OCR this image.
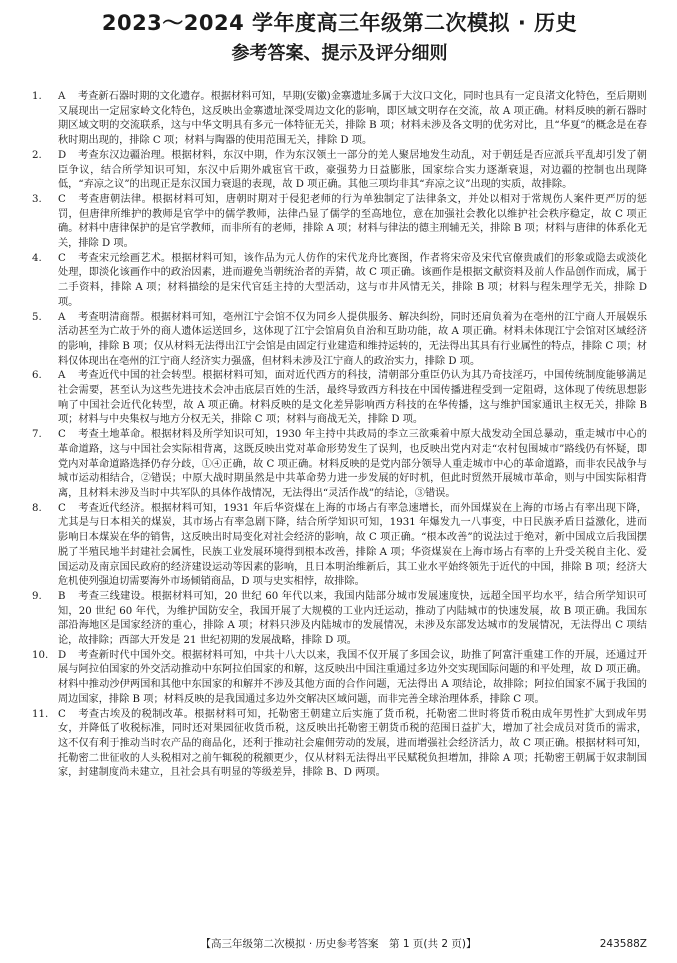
2023～2024 学年度高三年级第二次模拟 · 历史
参考答案、提示及评分细则
1.	A 考查新石器时期的文化遗存。根据材料可知，早期(安徽)金寨遗址多属于大汶口文化，同时也具有一定良渚文化特色，至后期则又展现出一定屈家岭文化特色，这反映出金寨遗址深受周边文化的影响，即区域文明存在交流，故 A 项正确。材料反映的新石器时期区域文明的交流联系，这与中华文明具有多元一体特征无关，排除 B 项；材料未涉及各文明的优劣对比，且“华夏”的概念是在春秋时期出现的，排除 C 项；材料与陶器的使用范围无关，排除 D 项。
2.	D 考查东汉边疆治理。根据材料，东汉中期，作为东汉领土一部分的羌人聚居地发生动乱，对于朝廷是否应派兵平乱却引发了朝臣争议，结合所学知识可知，东汉中后期外戚宦官干政，豪强势力日益膨胀，国家综合实力逐渐衰退，对边疆的控制也出现降低，“弃凉之议”的出现正是东汉国力衰退的表现，故 D 项正确。其他三项均非其“弃凉之议”出现的实质，故排除。
3.	C 考查唐朝法律。根据材料可知，唐朝时期对于侵犯老师的行为单独制定了法律条文，并处以相对于常规伤人案件更严厉的惩罚，但唐律所维护的教师是官学中的儒学教师，法律凸显了儒学的至高地位，意在加强社会教化以维护社会秩序稳定，故 C 项正确。材料中唐律保护的是官学教师，而非所有的老师，排除 A 项；材料与律法的德主刑辅无关，排除 B 项；材料与唐律的体系化无关，排除 D 项。
4.	C 考查宋元绘画艺术。根据材料可知，该作品为元人仿作的宋代龙舟比赛图，作者将宋帝及宋代官僚贵戚们的形象或隐去或淡化处理，即淡化该画作中的政治因素，进而避免当朝统治者的弄猜，故 C 项正确。该画作是根据文献资料及前人作品创作而成，属于二手资料，排除 A 项；材料描绘的是宋代官廷主持的大型活动，这与市井风情无关，排除 B 项；材料与程朱理学无关，排除 D 项。
5.	A 考查明清商帮。根据材料可知，亳州江宁会馆不仅为同乡人提供服务、解决纠纷，同时还肩负着为在亳州的江宁商人开展娱乐活动甚至为亡故于外的商人遗体运送回乡，这体现了江宁会馆肩负自治和互助功能，故 A 项正确。材料未体现江宁会馆对区域经济的影响，排除 B 项；仅从材料无法得出江宁会馆是由固定行业建造和维持运转的，无法得出其具有行业属性的特点，排除 C 项；材料仅体现出在亳州的江宁商人经济实力强盛，但材料未涉及江宁商人的政治实力，排除 D 项。
6.	A 考查近代中国的社会转型。根据材料可知，面对近代西方的科技，清朝部分重臣仍认为其乃奇技淫巧，中国传统制度能够满足社会需要，甚至认为这些先进技术会冲击底层百姓的生活，最终导致西方科技在中国传播进程受到一定阻碍，这体现了传统思想影响了中国社会近代化转型，故 A 项正确。材料反映的是文化差异影响西方科技的在华传播，这与维护国家通讯主权无关，排除 B 项；材料与中央集权与地方分权无关，排除 C 项；材料与商战无关，排除 D 项。
7.	C 考查土地革命。根据材料及所学知识可知，1930 年主持中共政局的李立三欲乘着中原大战发动全国总暴动，重走城市中心的革命道路，这与中国社会实际相背离，这既反映出党对革命形势发生了误判，也反映出党内对走“农村包围城市”路线仍有怀疑，即党内对革命道路选择仍存分歧，①④正确，故 C 项正确。材料反映的是党内部分领导人重走城市中心的革命道路，而非农民战争与城市运动相结合，②错误；中原大战时期虽然是中共革命势力进一步发展的好时机，但此时贸然开展城市革命，则与中国实际相背离，且材料未涉及当时中共军队的具体作战情况，无法得出“灵活作战”的结论，③错误。
8.	C 考查近代经济。根据材料可知，1931 年后华资煤在上海的市场占有率急速增长，而外国煤炭在上海的市场占有率出现下降，尤其是与日本相关的煤炭，其市场占有率急剧下降，结合所学知识可知，1931 年爆发九一八事变，中日民族矛盾日益激化，进而影响日本煤炭在华的销售，这反映出时局变化对社会经济的影响，故 C 项正确。“根本改善”的说法过于绝对，新中国成立后我国摆脱了半殖民地半封建社会属性，民族工业发展环境得到根本改善，排除 A 项；华资煤炭在上海市场占有率的上升受关税自主化、爱国运动及南京国民政府的经济建设运动等因素的影响，且日本明治维新后，其工业水平始终领先于近代的中国，排除 B 项；经济大危机使列强迫切需要海外市场倾销商品，D 项与史实相悖，故排除。
9.	B 考查三线建设。根据材料可知，20 世纪 60 年代以来，我国内陆部分城市发展速度快，远超全国平均水平，结合所学知识可知，20 世纪 60 年代，为维护国防安全，我国开展了大规模的工业内迁运动，推动了内陆城市的快速发展，故 B 项正确。我国东部沿海地区是国家经济的重心，排除 A 项；材料只涉及内陆城市的发展情况，未涉及东部发达城市的发展情况，无法得出 C 项结论，故排除；西部大开发是 21 世纪初期的发展战略，排除 D 项。
10. D 考查新时代中国外交。根据材料可知，中共十八大以来，我国不仅开展了多国会议，助推了阿富汗重建工作的开展，还通过开展与阿拉伯国家的外交活动推动中东阿拉伯国家的和解，这反映出中国注重通过多边外交实现国际问题的和平处理，故 D 项正确。材料中推动沙伊两国和其他中东国家的和解并不涉及其他方面的合作问题，无法得出 A 项结论，故排除；阿拉伯国家不属于我国的周边国家，排除 B 项；材料反映的是我国通过多边外交解决区域问题，而非完善全球治理体系，排除 C 项。
11. C 考查古埃及的税制改革。根据材料可知，托勒密王朝建立后实施了货币税，托勒密二世时将货币税由成年男性扩大到成年男女，并降低了收税标准，同时还对果园征收货币税，这反映出托勒密王朝货币税的范围日益扩大，增加了社会成员对货币的需求，这不仅有利于推动当时农产品的商品化，还利于推动社会雇佣劳动的发展，进而增强社会经济活力，故 C 项正确。根据材料可知，托勒密二世征收的人头税相对之前午辄税的税额更少，仅从材料无法得出平民赋税负担增加，排除 A 项；托勒密王朝属于奴隶制国家，封建制度尚未建立，且社会具有明显的等级差异，排除 B、D 两项。
【高三年级第二次模拟 · 历史参考答案　第 1 页(共 2 页)】	243588Z
